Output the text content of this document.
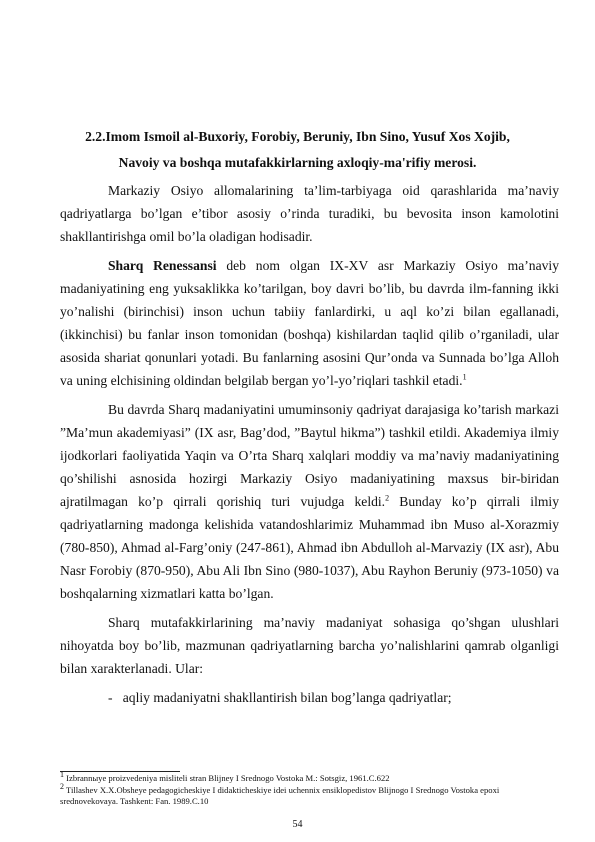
2.2.Imom Ismoil al-Buxoriy, Forobiy, Beruniy, Ibn Sino, Yusuf Xos Xojib,
Navoiy va boshqa mutafakkirlarning axloqiy-ma'rifiy merosi.

Markaziy Osiyo allomalarining ta’lim-tarbiyaga oid qarashlarida ma’naviy qadriyatlarga bo’lgan e’tibor asosiy o’rinda turadiki, bu bevosita inson kamolotini shakllantirishga omil bo’la oladigan hodisadir.

Sharq Renessansi deb nom olgan IX-XV asr Markaziy Osiyo ma’naviy madaniyatining eng yuksaklikka ko’tarilgan, boy davri bo’lib, bu davrda ilm-fanning ikki yo’nalishi (birinchisi) inson uchun tabiiy fanlardirki, u aql ko’zi bilan egallanadi, (ikkinchisi) bu fanlar inson tomonidan (boshqa) kishilardan taqlid qilib o’rganiladi, ular asosida shariat qonunlari yotadi. Bu fanlarning asosini Qur’onda va Sunnada bo’lga Alloh va uning elchisining oldindan belgilab bergan yo’l-yo’riqlari tashkil etadi.$^1$

Bu davrda Sharq madaniyatini umuminsoniy qadriyat darajasiga ko’tarish markazi ”Ma’mun akademiyasi” (IX asr, Bag’dod, ”Baytul hikma”) tashkil etildi. Akademiya ilmiy ijodkorlari faoliyatida Yaqin va O’rta Sharq xalqlari moddiy va ma’naviy madaniyatining qo’shilishi asnosida hozirgi Markaziy Osiyo madaniyatining maxsus bir-biridan ajratilmagan ko’p qirrali qorishiq turi vujudga keldi.$^2$ Bunday ko’p qirrali ilmiy qadriyatlarning madonga kelishida vatandoshlarimiz Muhammad ibn Muso al-Xorazmiy (780-850), Ahmad al-Farg’oniy (247-861), Ahmad ibn Abdulloh al-Marvaziy (IX asr), Abu Nasr Forobiy (870-950), Abu Ali Ibn Sino (980-1037), Abu Rayhon Beruniy (973-1050) va boshqalarning xizmatlari katta bo’lgan.

Sharq mutafakkirlarining ma’naviy madaniyat sohasiga qo’shgan ulushlari nihoyatda boy bo’lib, mazmunan qadriyatlarning barcha yo’nalishlarini qamrab olganligi bilan xarakterlanadi. Ular:

- aqliy madaniyatni shakllantirish bilan bog’langa qadriyatlar;

$^1$ Izbrannыye proizvedeniya misliteli stran Blijnеy I Srednogo Vostoka M.: Sotsgiz, 1961.C.622

$^2$ Tillashev X.X.Obsheye pedagogicheskiye I didakticheskiye idei uchennix ensiklopedistov Blijnogo I Srednogo Vostoka epoxi srednovekovaya. Tashkent: Fan. 1989.C.10

54
